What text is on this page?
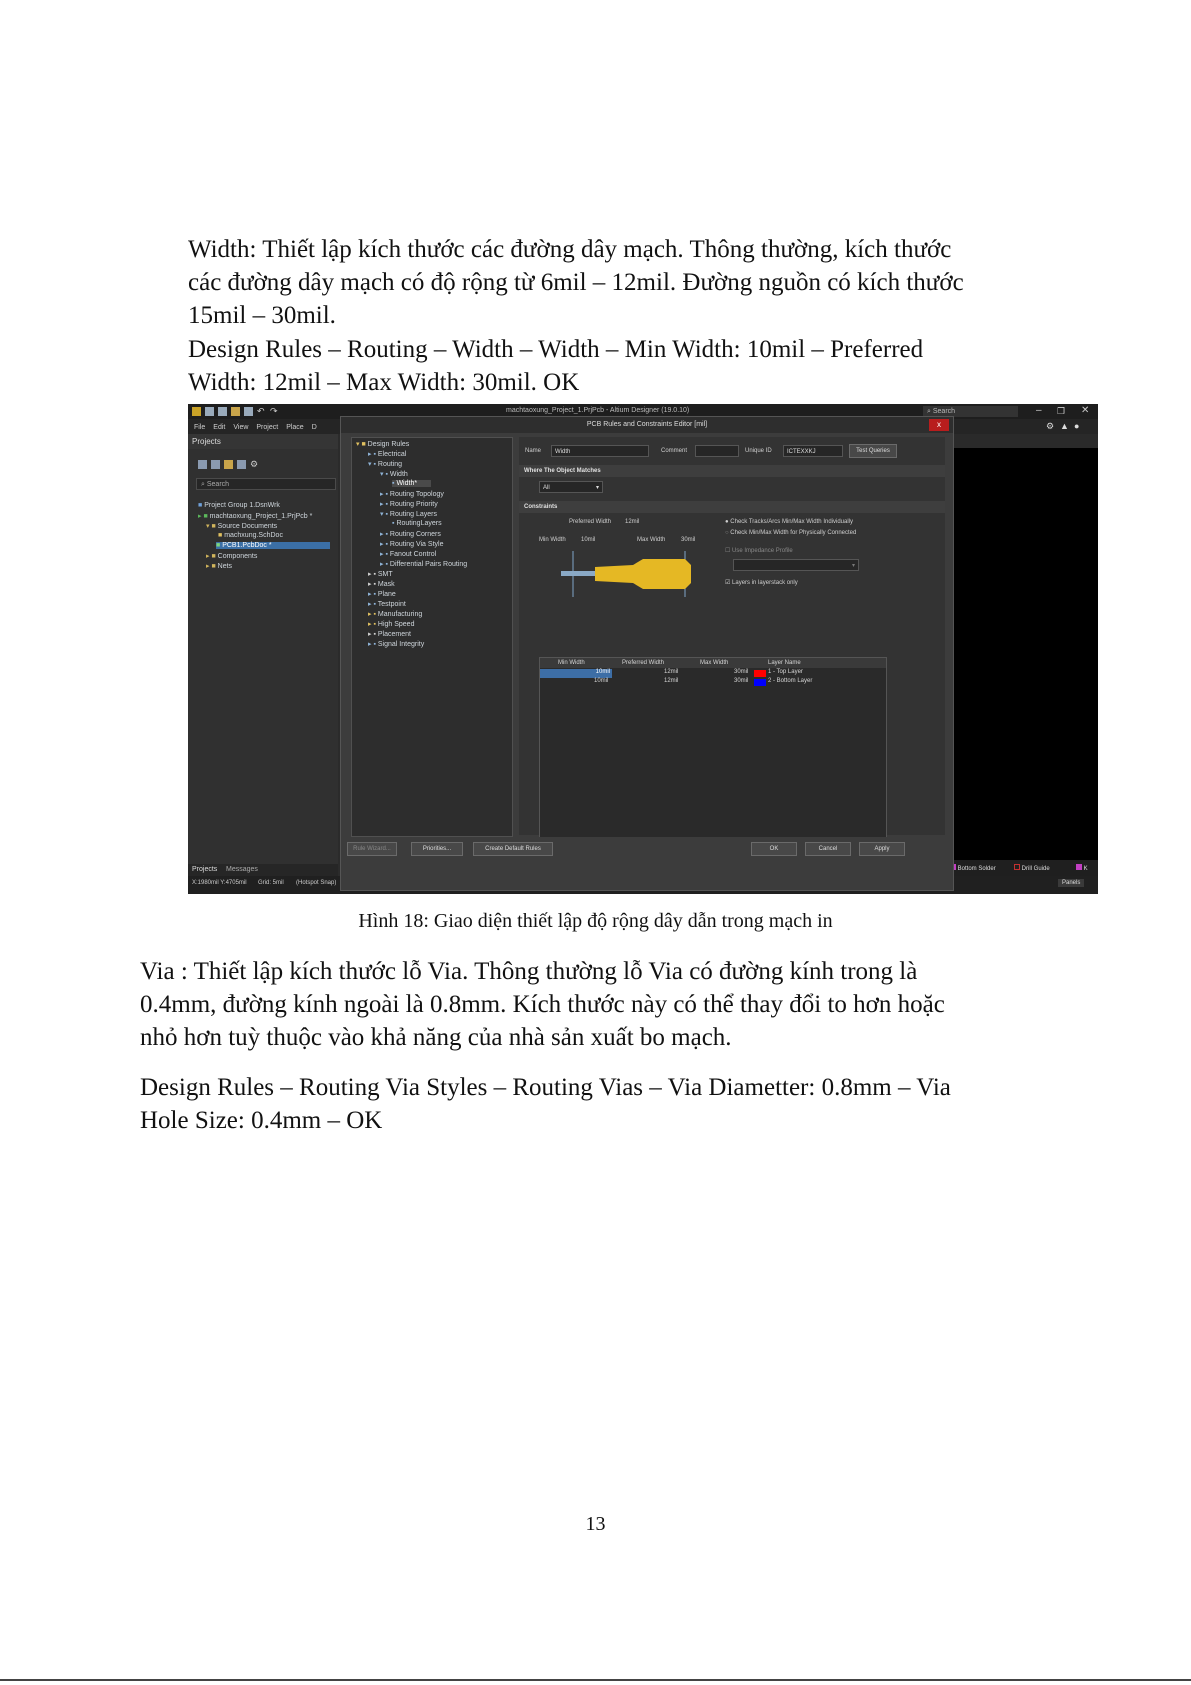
Width: Thiết lập kích thước các đường dây mạch. Thông thường, kích thước

các đường dây mạch có độ rộng từ 6mil – 12mil. Đường nguồn có kích thước

15mil – 30mil.

Design Rules – Routing – Width – Width – Min Width: 10mil – Preferred

Width: 12mil – Max Width: 30mil. OK

↶ ↷	machtaoxung_Project_1.PrjPcb - Altium Designer (19.0.10)	⌕ Search	– ❐ ✕
File Edit View Project Place D	⚙ ▲ ●
Projects
⚙
⌕ Search
■ Project Group 1.DsnWrk
▸ ■ machtaoxung_Project_1.PrjPcb *
▾ ■ Source Documents
■ machxung.SchDoc
■ PCB1.PcbDoc *
▸ ■ Components
▸ ■ Nets
Projects Messages	Bottom Solder	Drill Guide	K
X:1980mil Y:4705mil Grid: 5mil (Hotspot Snap)	Panels
PCB Rules and Constraints Editor [mil]	x
▾ ■ Design Rules
▸ ▪ Electrical
▾ ▪ Routing
▾ ▪ Width
▪ Width*
▸ ▪ Routing Topology
▸ ▪ Routing Priority
▾ ▪ Routing Layers
▪ RoutingLayers
▸ ▪ Routing Corners
▸ ▪ Routing Via Style
▸ ▪ Fanout Control
▸ ▪ Differential Pairs Routing
▸ ▪ SMT
▸ ▪ Mask
▸ ▪ Plane
▸ ▪ Testpoint
▸ ▪ Manufacturing
▸ ▪ High Speed
▸ ▪ Placement
▸ ▪ Signal Integrity
Name	Width	Comment	Unique ID	ICTEXXKJ	Test Queries
Where The Object Matches
All	▾
Constraints
Preferred Width 12mil
Min Width	10mil	Max Width	30mil
● Check Tracks/Arcs Min/Max Width Individually
○ Check Min/Max Width for Physically Connected
☐ Use Impedance Profile
▾
☑ Layers in layerstack only
Min Width	Preferred Width	Max Width	Layer Name
10mil	12mil	30mil	1 - Top Layer
10mil	12mil	30mil	2 - Bottom Layer
Rule Wizard...	Priorities...	Create Default Rules	OK	Cancel	Apply
Hình 18: Giao diện thiết lập độ rộng dây dẫn trong mạch in

Via : Thiết lập kích thước lỗ Via. Thông thường lỗ Via có đường kính trong là

0.4mm, đường kính ngoài là 0.8mm. Kích thước này có thể thay đổi to hơn hoặc

nhỏ hơn tuỳ thuộc vào khả năng của nhà sản xuất bo mạch.

Design Rules – Routing Via Styles – Routing Vias – Via Diametter: 0.8mm – Via

Hole Size: 0.4mm – OK

13
